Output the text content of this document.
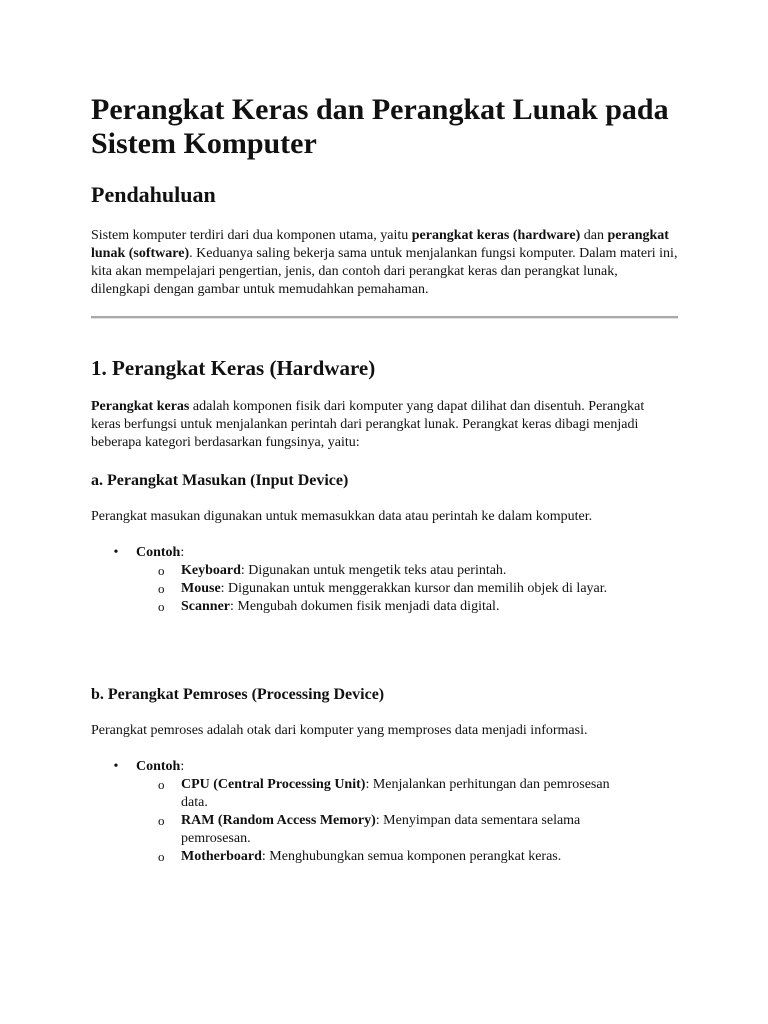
Perangkat Keras dan Perangkat Lunak pada Sistem Komputer
Pendahuluan

Sistem komputer terdiri dari dua komponen utama, yaitu perangkat keras (hardware) dan perangkat lunak (software). Keduanya saling bekerja sama untuk menjalankan fungsi komputer. Dalam materi ini, kita akan mempelajari pengertian, jenis, dan contoh dari perangkat keras dan perangkat lunak, dilengkapi dengan gambar untuk memudahkan pemahaman.

1. Perangkat Keras (Hardware)

Perangkat keras adalah komponen fisik dari komputer yang dapat dilihat dan disentuh. Perangkat keras berfungsi untuk menjalankan perintah dari perangkat lunak. Perangkat keras dibagi menjadi beberapa kategori berdasarkan fungsinya, yaitu:

a. Perangkat Masukan (Input Device)

Perangkat masukan digunakan untuk memasukkan data atau perintah ke dalam komputer.

• Contoh:
o Keyboard: Digunakan untuk mengetik teks atau perintah.
o Mouse: Digunakan untuk menggerakkan kursor dan memilih objek di layar.
o Scanner: Mengubah dokumen fisik menjadi data digital.
b. Perangkat Pemroses (Processing Device)

Perangkat pemroses adalah otak dari komputer yang memproses data menjadi informasi.

• Contoh:
o CPU (Central Processing Unit): Menjalankan perhitungan dan pemrosesan data.
o RAM (Random Access Memory): Menyimpan data sementara selama pemrosesan.
o Motherboard: Menghubungkan semua komponen perangkat keras.
